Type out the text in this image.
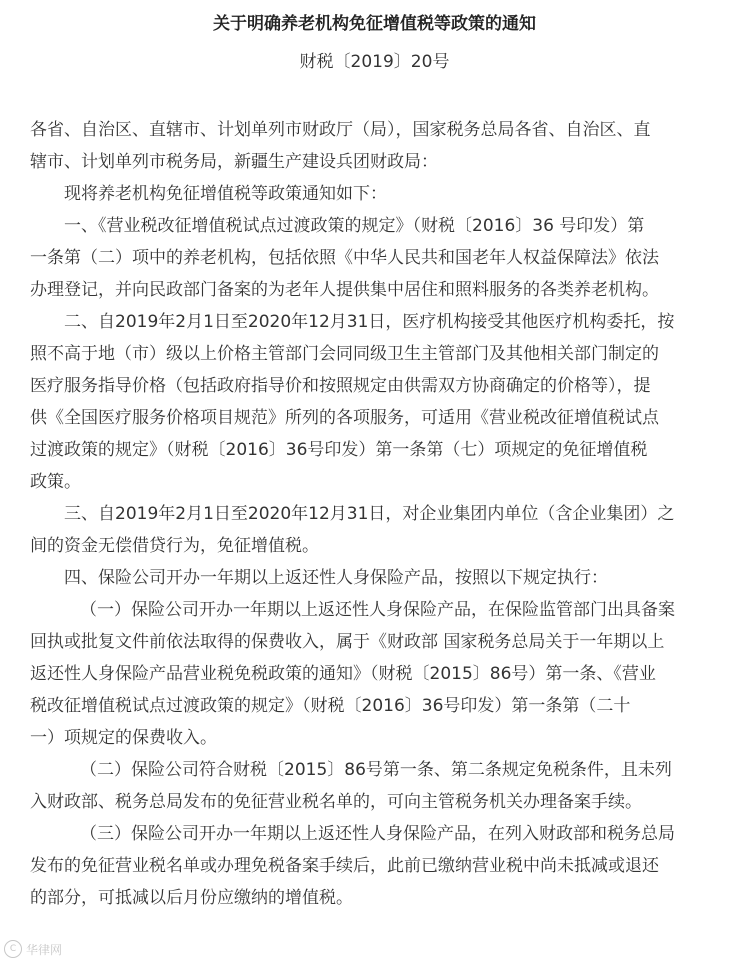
关于明确养老机构免征增值税等政策的通知
财税〔2019〕20号
各省、自治区、直辖市、计划单列市财政厅（局），国家税务总局各省、自治区、直
辖市、计划单列市税务局，新疆生产建设兵团财政局：
现将养老机构免征增值税等政策通知如下：
一、《营业税改征增值税试点过渡政策的规定》（财税〔2016〕36 号印发）第
一条第（二）项中的养老机构，包括依照《中华人民共和国老年人权益保障法》依法
办理登记，并向民政部门备案的为老年人提供集中居住和照料服务的各类养老机构。
二、自2019年2月1日至2020年12月31日，医疗机构接受其他医疗机构委托，按
照不高于地（市）级以上价格主管部门会同同级卫生主管部门及其他相关部门制定的
医疗服务指导价格（包括政府指导价和按照规定由供需双方协商确定的价格等），提
供《全国医疗服务价格项目规范》所列的各项服务，可适用《营业税改征增值税试点
过渡政策的规定》（财税〔2016〕36号印发）第一条第（七）项规定的免征增值税
政策。
三、自2019年2月1日至2020年12月31日，对企业集团内单位（含企业集团）之
间的资金无偿借贷行为，免征增值税。
四、保险公司开办一年期以上返还性人身保险产品，按照以下规定执行：
（一）保险公司开办一年期以上返还性人身保险产品，在保险监管部门出具备案
回执或批复文件前依法取得的保费收入，属于《财政部 国家税务总局关于一年期以上
返还性人身保险产品营业税免税政策的通知》（财税〔2015〕86号）第一条、《营业
税改征增值税试点过渡政策的规定》（财税〔2016〕36号印发）第一条第（二十
一）项规定的保费收入。
（二）保险公司符合财税〔2015〕86号第一条、第二条规定免税条件，且未列
入财政部、税务总局发布的免征营业税名单的，可向主管税务机关办理备案手续。
（三）保险公司开办一年期以上返还性人身保险产品，在列入财政部和税务总局
发布的免征营业税名单或办理免税备案手续后，此前已缴纳营业税中尚未抵减或退还
的部分，可抵减以后月份应缴纳的增值税。
C 华律网
